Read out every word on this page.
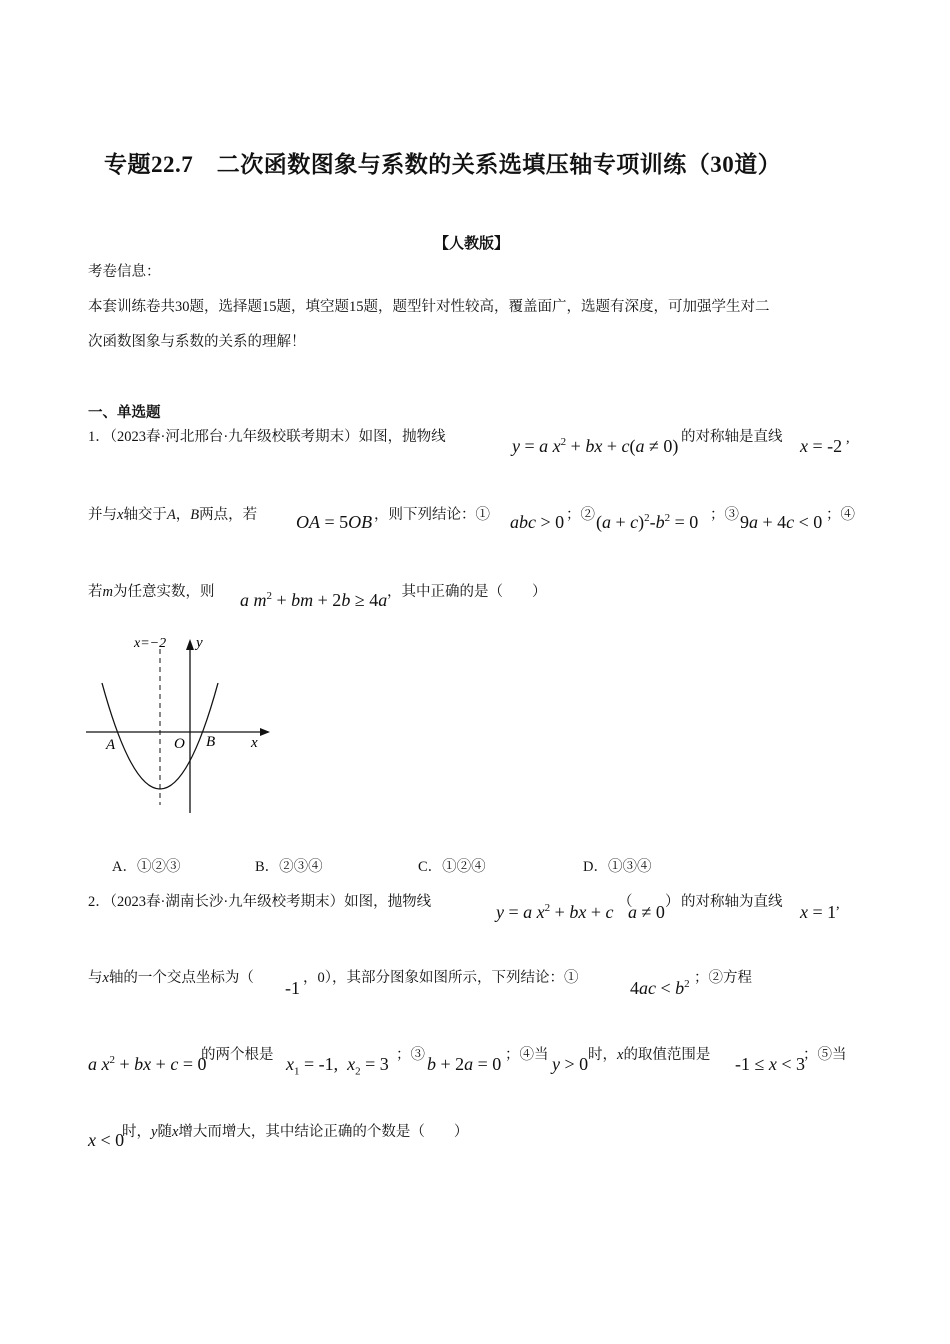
专题22.7　二次函数图象与系数的关系选填压轴专项训练（30道）
【人教版】
考卷信息：
本套训练卷共30题，选择题15题，填空题15题，题型针对性较高，覆盖面广，选题有深度，可加强学生对二
次函数图象与系数的关系的理解！
一、单选题
1．（2023春·河北邢台·九年级校联考期末）如图，抛物线	y = a $x^2$ + bx + c(a ≠ 0) 的对称轴是直线 x = -2 ,
并与x轴交于A，B两点，若 OA = 5OB ，则下列结论：① abc > 0 ；② $(a + c)^2-b^2 = 0$ ；③ 9a + 4c < 0 ；④
若m为任意实数，则 a $m^2$ + bm + 2b ≥ 4a ，其中正确的是（　　）
x=−2 y
x
O
A	B
A．①②③	B．②③④	C．①②④	D．①③④
2．（2023春·湖南长沙·九年级校考期末）如图，抛物线	y = a $x^2$ + bx + c （
a ≠ 0 ） 的对称轴为直线 x = 1 ,
与x轴的一个交点坐标为（ -1 ，0），其部分图象如图所示，下列结论：①	$4ac < b^2$ ；②方程
a $x^2$ + bx + c = 0
的两个根是 $x_1 = -1$,  $x_2 = 3$ ；③ b + 2a = 0 ；④当 y > 0 时，x的取值范围是 -1 ≤ x < 3
；⑤当
x < 0
时，y随x增大而增大，其中结论正确的个数是（　　）
